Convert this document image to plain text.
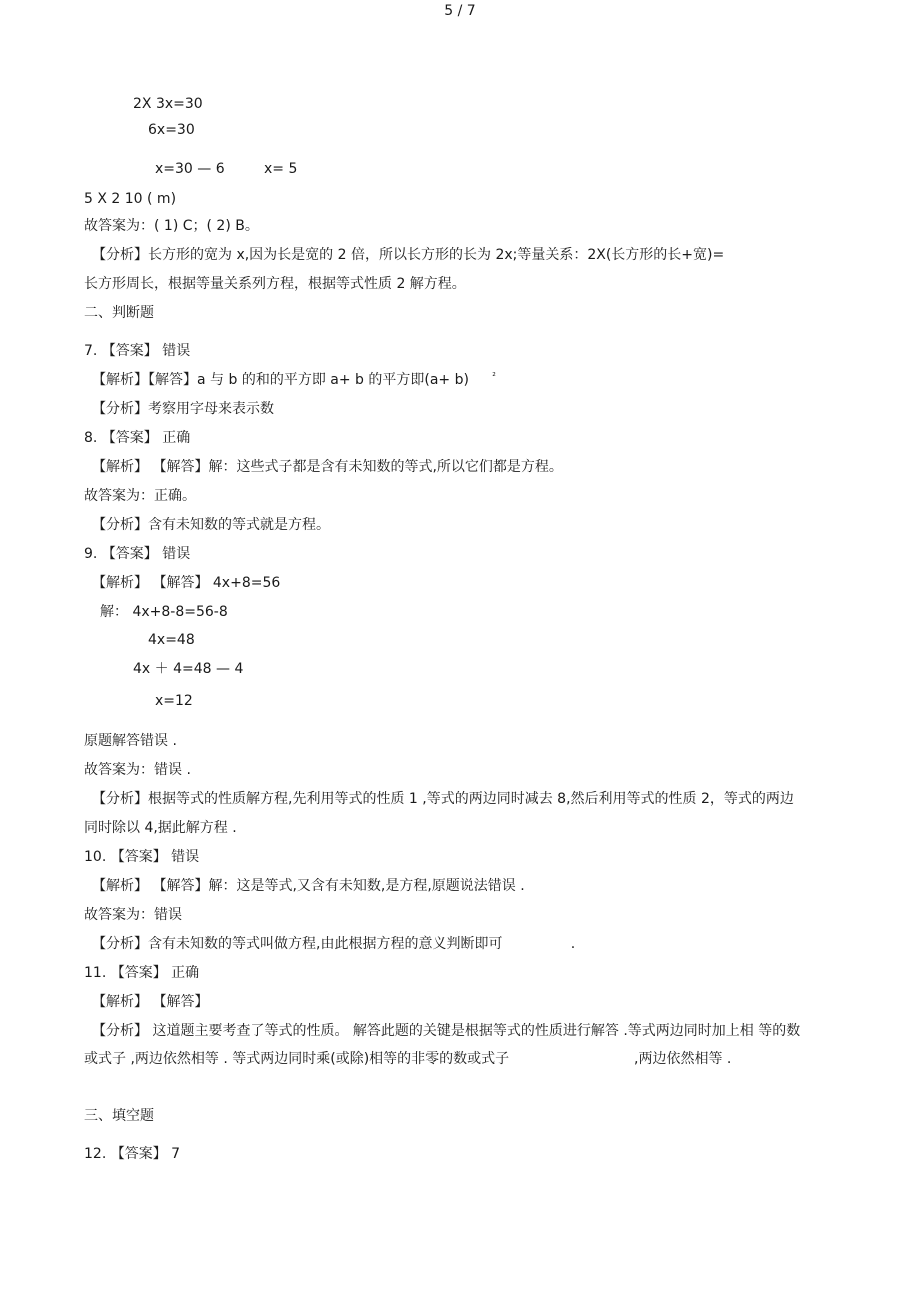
5 / 7
2X 3x=30
6x=30
x=30 — 6	x= 5
5 X 2 10 ( m)
故答案为：( 1) C；( 2) B。
【分析】长方形的宽为 x,因为长是宽的 2 倍，所以长方形的长为 2x;等量关系：2X(长方形的长+宽)=
长方形周长，根据等量关系列方程，根据等式性质 2 解方程。
二、判断题
7. 【答案】 错误
【解析】【解答】a 与 b 的和的平方即 a+ b 的平方即(a+ b)	²
【分析】考察用字母来表示数
8. 【答案】 正确
【解析】 【解答】解：这些式子都是含有未知数的等式,所以它们都是方程。
故答案为：正确。
【分析】含有未知数的等式就是方程。
9. 【答案】 错误
【解析】 【解答】 4x+8=56
解： 4x+8-8=56-8
4x=48
4x ＋ 4=48 — 4
x=12
原题解答错误 .
故答案为：错误 .
【分析】根据等式的性质解方程,先利用等式的性质 1 ,等式的两边同时减去 8,然后利用等式的性质 2，等式的两边
同时除以 4,据此解方程 .
10. 【答案】 错误
【解析】 【解答】解：这是等式,又含有未知数,是方程,原题说法错误 .
故答案为：错误
【分析】含有未知数的等式叫做方程,由此根据方程的意义判断即可	.
11. 【答案】 正确
【解析】 【解答】
【分析】 这道题主要考查了等式的性质。 解答此题的关键是根据等式的性质进行解答 .等式两边同时加上相 等的数
或式子 ,两边依然相等 . 等式两边同时乘(或除)相等的非零的数或式子	,两边依然相等 .
三、填空题
12. 【答案】 7
